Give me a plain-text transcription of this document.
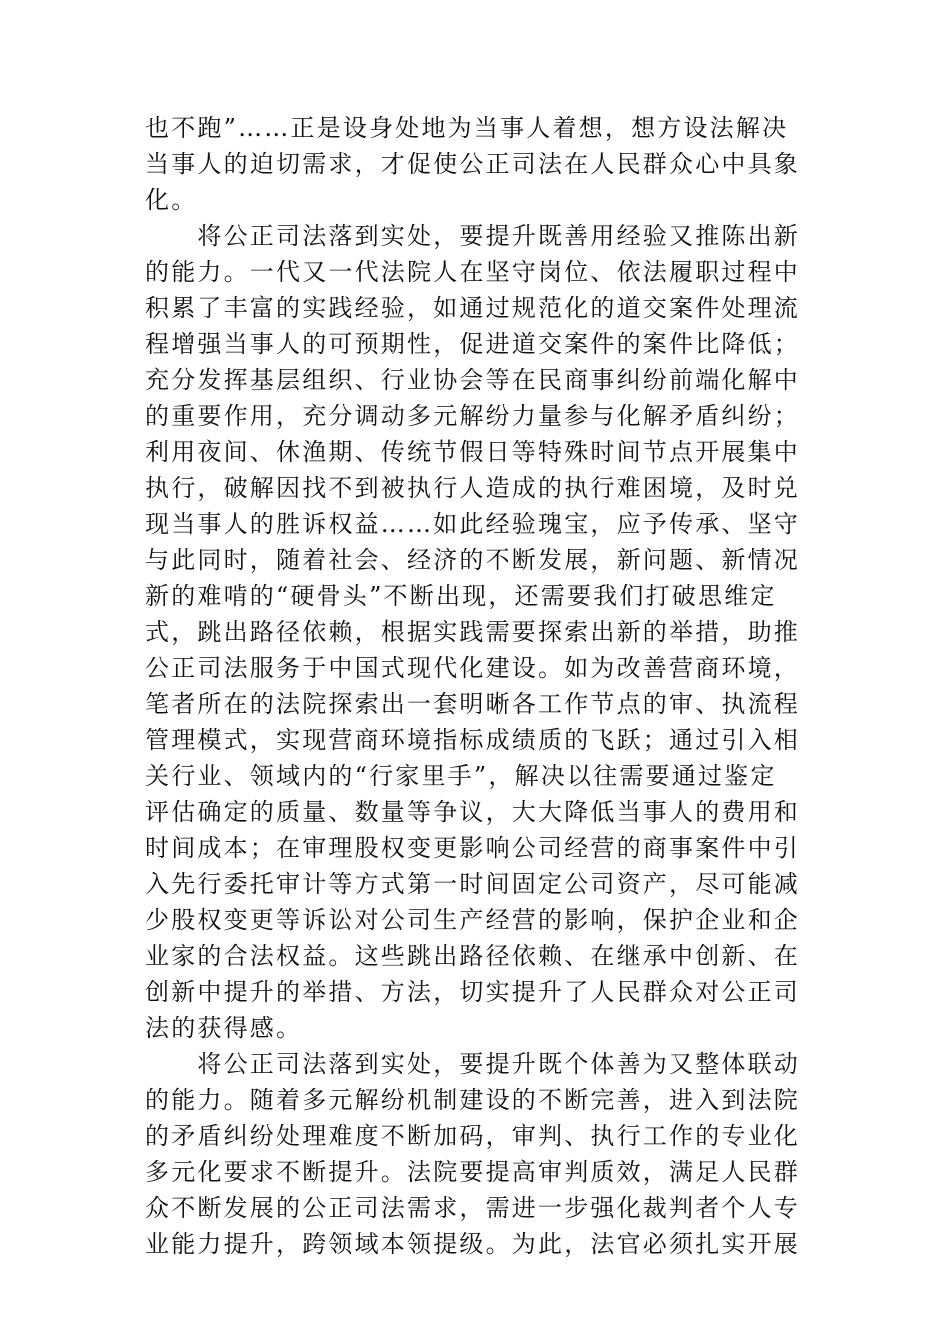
也不跑”……正是设身处地为当事人着想，想方设法解决
当事人的迫切需求，才促使公正司法在人民群众心中具象
化。
　　将公正司法落到实处，要提升既善用经验又推陈出新
的能力。一代又一代法院人在坚守岗位、依法履职过程中
积累了丰富的实践经验，如通过规范化的道交案件处理流
程增强当事人的可预期性，促进道交案件的案件比降低；
充分发挥基层组织、行业协会等在民商事纠纷前端化解中
的重要作用，充分调动多元解纷力量参与化解矛盾纠纷；
利用夜间、休渔期、传统节假日等特殊时间节点开展集中
执行，破解因找不到被执行人造成的执行难困境，及时兑
现当事人的胜诉权益……如此经验瑰宝，应予传承、坚守
与此同时，随着社会、经济的不断发展，新问题、新情况
新的难啃的“硬骨头”不断出现，还需要我们打破思维定
式，跳出路径依赖，根据实践需要探索出新的举措，助推
公正司法服务于中国式现代化建设。如为改善营商环境，
笔者所在的法院探索出一套明晰各工作节点的审、执流程
管理模式，实现营商环境指标成绩质的飞跃；通过引入相
关行业、领域内的“行家里手”，解决以往需要通过鉴定
评估确定的质量、数量等争议，大大降低当事人的费用和
时间成本；在审理股权变更影响公司经营的商事案件中引
入先行委托审计等方式第一时间固定公司资产，尽可能减
少股权变更等诉讼对公司生产经营的影响，保护企业和企
业家的合法权益。这些跳出路径依赖、在继承中创新、在
创新中提升的举措、方法，切实提升了人民群众对公正司
法的获得感。
　　将公正司法落到实处，要提升既个体善为又整体联动
的能力。随着多元解纷机制建设的不断完善，进入到法院
的矛盾纠纷处理难度不断加码，审判、执行工作的专业化
多元化要求不断提升。法院要提高审判质效，满足人民群
众不断发展的公正司法需求，需进一步强化裁判者个人专
业能力提升，跨领域本领提级。为此，法官必须扎实开展
